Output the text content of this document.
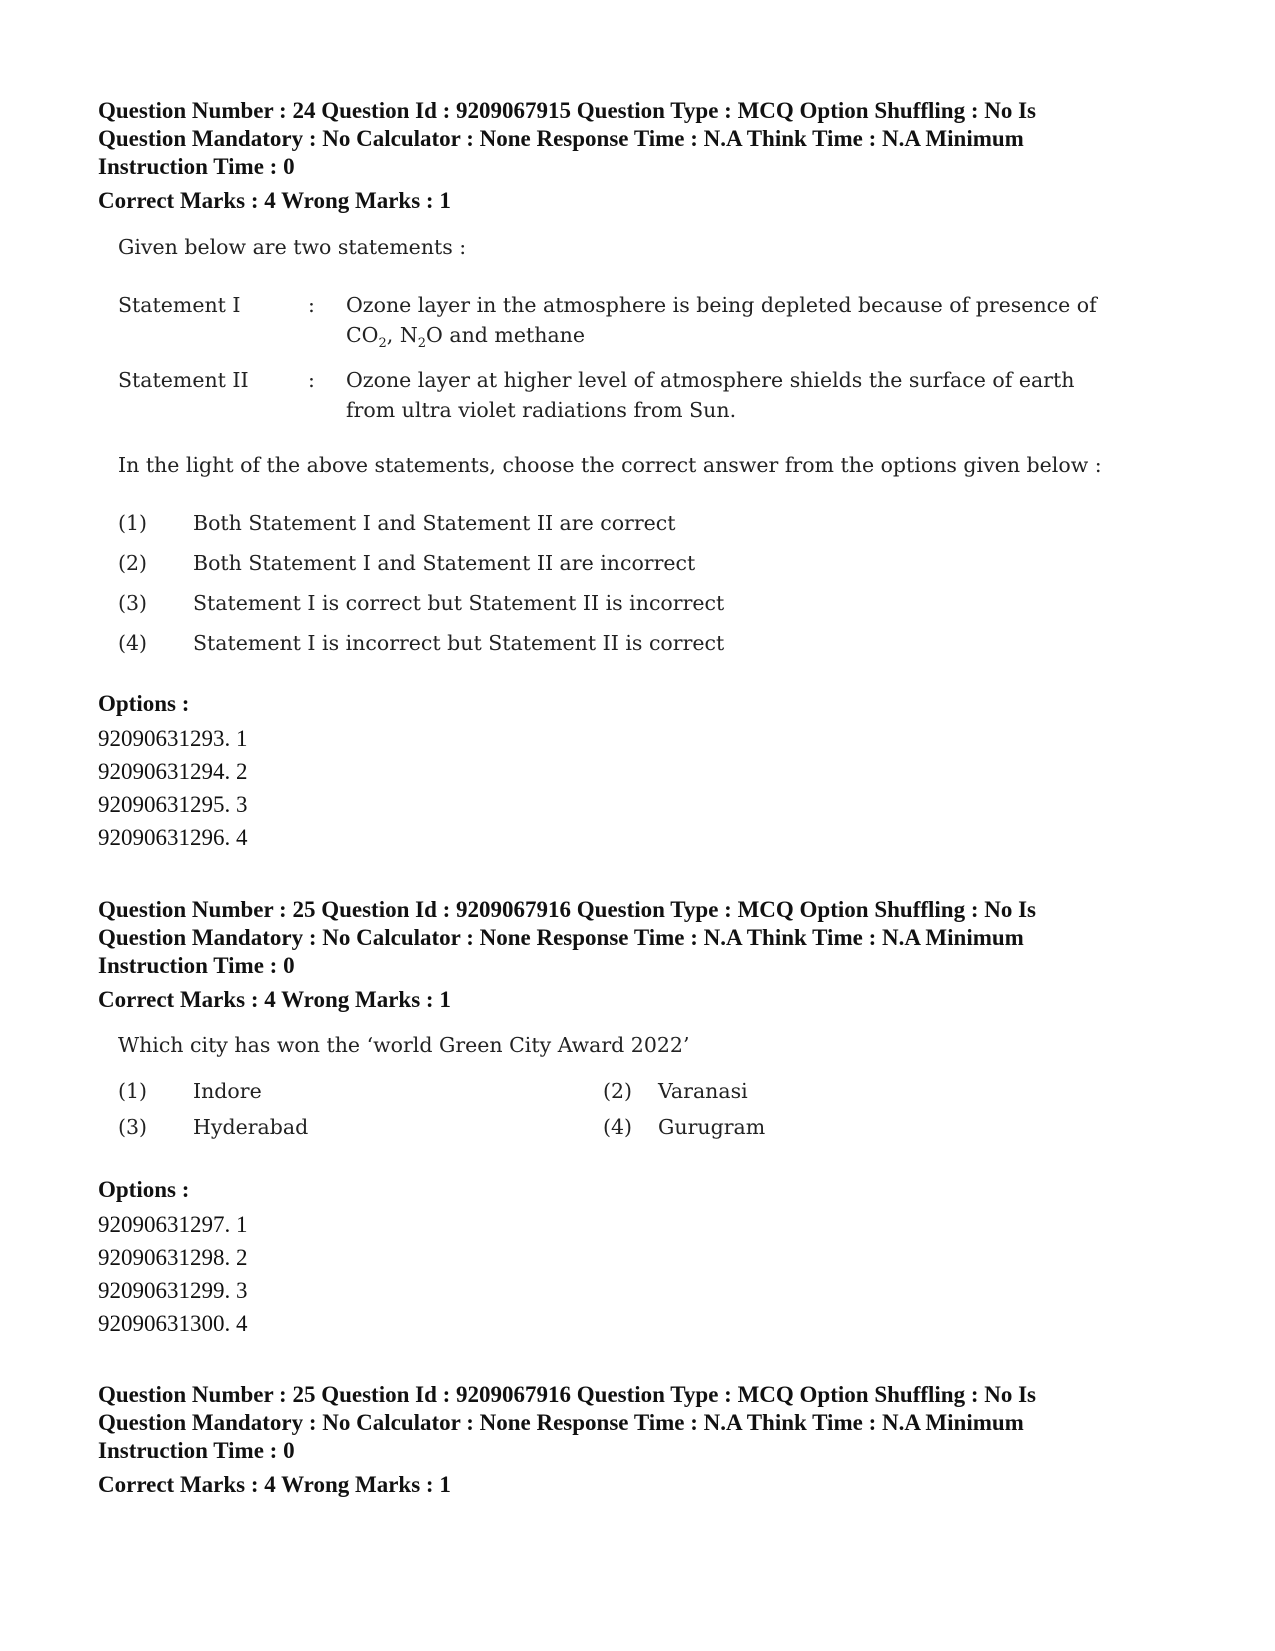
Question Number : 24 Question Id : 9209067915 Question Type : MCQ Option Shuffling : No Is

Question Mandatory : No Calculator : None Response Time : N.A Think Time : N.A Minimum

Instruction Time : 0

Correct Marks : 4 Wrong Marks : 1

Given below are two statements :

Statement I	: Ozone layer in the atmosphere is being depleted because of presence of
$CO_2$, $N_2O$ and methane
Statement II	: Ozone layer at higher level of atmosphere shields the surface of earth
from ultra violet radiations from Sun.

In the light of the above statements, choose the correct answer from the options given below :

(1) Both Statement I and Statement II are correct
(2) Both Statement I and Statement II are incorrect
(3) Statement I is correct but Statement II is incorrect
(4) Statement I is incorrect but Statement II is correct

Options :

92090631293. 1

92090631294. 2

92090631295. 3

92090631296. 4

Question Number : 25 Question Id : 9209067916 Question Type : MCQ Option Shuffling : No Is

Question Mandatory : No Calculator : None Response Time : N.A Think Time : N.A Minimum

Instruction Time : 0

Correct Marks : 4 Wrong Marks : 1

Which city has won the ‘world Green City Award 2022’

(1) Indore	(2) Varanasi
(3) Hyderabad	(4) Gurugram

Options :

92090631297. 1

92090631298. 2

92090631299. 3

92090631300. 4

Question Number : 25 Question Id : 9209067916 Question Type : MCQ Option Shuffling : No Is

Question Mandatory : No Calculator : None Response Time : N.A Think Time : N.A Minimum

Instruction Time : 0

Correct Marks : 4 Wrong Marks : 1
